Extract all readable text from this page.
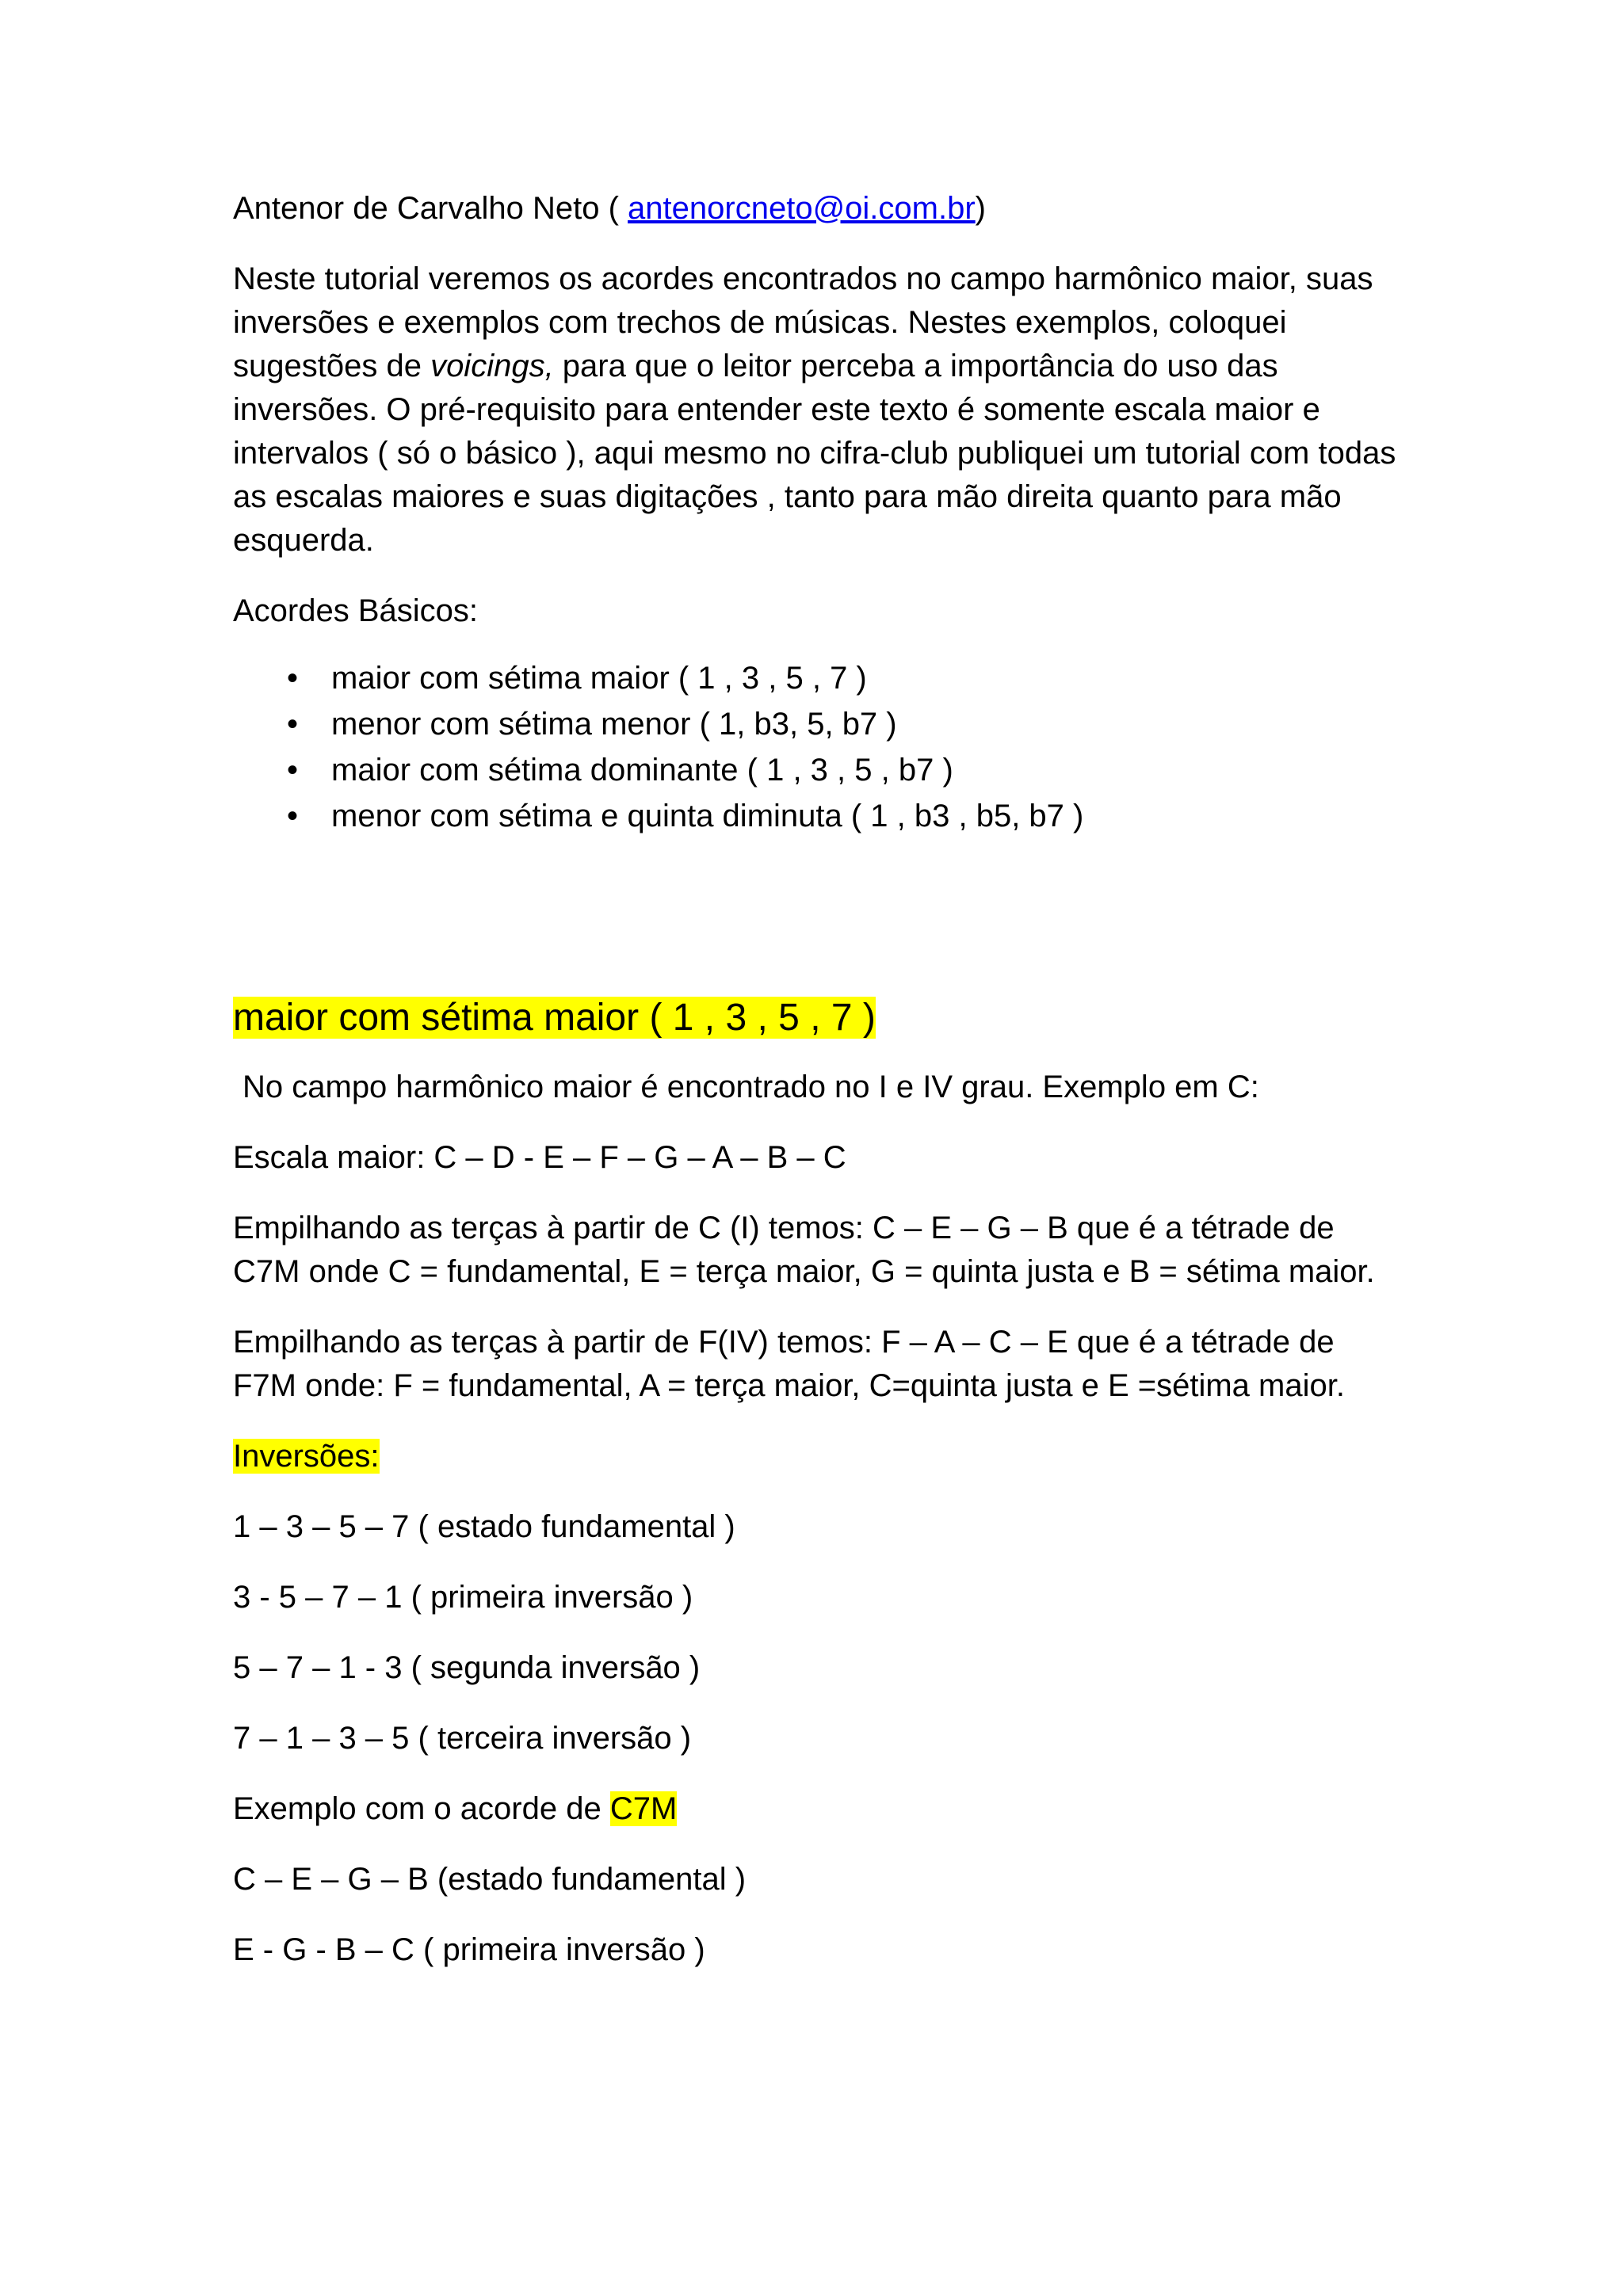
Antenor de Carvalho Neto ( antenorcneto@oi.com.br)

Neste tutorial veremos os acordes encontrados no campo harmônico maior, suas inversões e exemplos com trechos de músicas. Nestes exemplos, coloquei sugestões de voicings, para que o leitor perceba a importância do uso das inversões. O pré-requisito para entender este texto é somente escala maior e intervalos ( só o básico ), aqui mesmo no cifra-club publiquei um tutorial com todas as escalas maiores e suas digitações , tanto para mão direita quanto para mão esquerda.

Acordes Básicos:

• maior com sétima maior ( 1 , 3 , 5 , 7 )
• menor com sétima menor ( 1, b3, 5, b7 )
• maior com sétima dominante ( 1 , 3 , 5 , b7 )
• menor com sétima e quinta diminuta ( 1 , b3 , b5, b7 )

maior com sétima maior ( 1 , 3 , 5 , 7 )

No campo harmônico maior é encontrado no I e IV grau. Exemplo em C:

Escala maior: C – D - E – F – G – A – B – C

Empilhando as terças à partir de C (I) temos: C – E – G – B que é a tétrade de C7M onde C = fundamental, E = terça maior, G = quinta justa e B = sétima maior.

Empilhando as terças à partir de F(IV) temos: F – A – C – E que é a tétrade de F7M onde: F = fundamental, A = terça maior, C=quinta justa e E =sétima maior.

Inversões:

1 – 3 – 5 – 7 ( estado fundamental )

3 - 5 – 7 – 1 ( primeira inversão )

5 – 7 – 1 - 3 ( segunda inversão )

7 – 1 – 3 – 5 ( terceira inversão )

Exemplo com o acorde de C7M

C – E – G – B (estado fundamental )

E - G - B – C ( primeira inversão )
